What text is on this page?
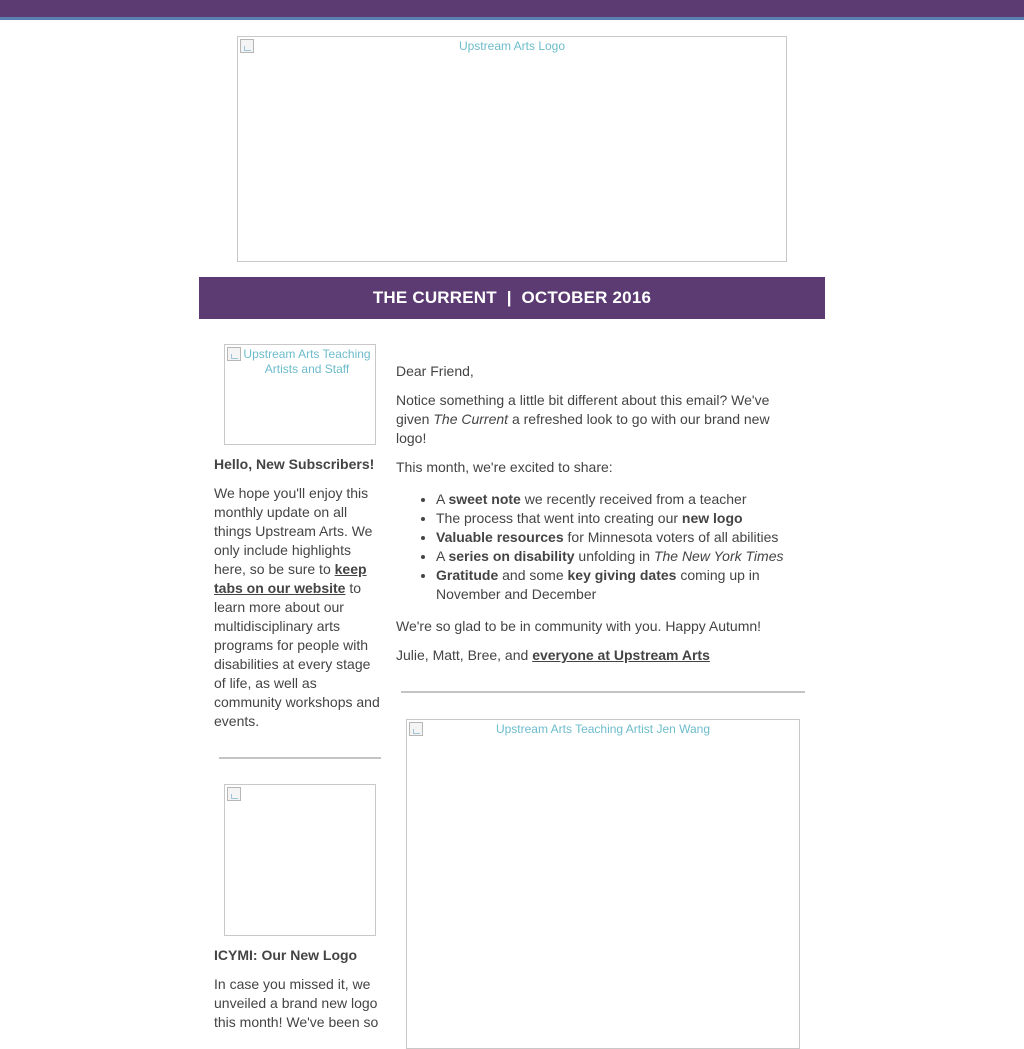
Upstream Arts Logo
THE CURRENT  |  OCTOBER 2016
Upstream Arts Teaching Artists and Staff

Hello, New Subscribers!

We hope you'll enjoy this monthly update on all things Upstream Arts. We only include highlights here, so be sure to keep tabs on our website to learn more about our multidisciplinary arts programs for people with disabilities at every stage of life, as well as community workshops and events.

ICYMI: Our New Logo

In case you missed it, we unveiled a brand new logo this month! We've been so

Dear Friend,

Notice something a little bit different about this email? We've given The Current a refreshed look to go with our brand new logo!

This month, we're excited to share:

• A sweet note we recently received from a teacher
• The process that went into creating our new logo
• Valuable resources for Minnesota voters of all abilities
• A series on disability unfolding in The New York Times
• Gratitude and some key giving dates coming up in November and December

We're so glad to be in community with you. Happy Autumn!

Julie, Matt, Bree, and everyone at Upstream Arts

Upstream Arts Teaching Artist Jen Wang
